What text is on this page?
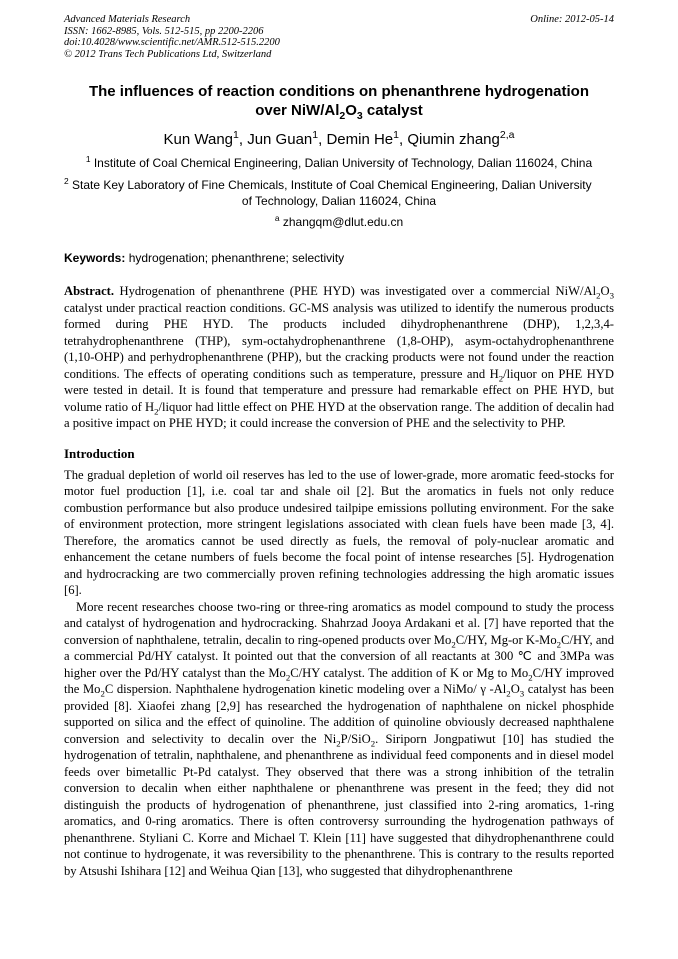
Advanced Materials Research
ISSN: 1662-8985, Vols. 512-515, pp 2200-2206
doi:10.4028/www.scientific.net/AMR.512-515.2200
© 2012 Trans Tech Publications Ltd, Switzerland
Online: 2012-05-14
The influences of reaction conditions on phenanthrene hydrogenation
over NiW/$Al_2O_3$ catalyst
Kun Wang$^1$, Jun Guan$^1$, Demin He$^1$, Qiumin zhang$^{2,a}$
$^1$ Institute of Coal Chemical Engineering, Dalian University of Technology, Dalian 116024, China
$^2$ State Key Laboratory of Fine Chemicals, Institute of Coal Chemical Engineering, Dalian University
of Technology, Dalian 116024, China
$^a$ zhangqm@dlut.edu.cn
Keywords: hydrogenation; phenanthrene; selectivity
Abstract. Hydrogenation of phenanthrene (PHE HYD) was investigated over a commercial NiW/$Al_2O_3$ catalyst under practical reaction conditions. GC-MS analysis was utilized to identify the numerous products formed during PHE HYD. The products included dihydrophenanthrene (DHP), 1,2,3,4-tetrahydrophenanthrene (THP), sym-octahydrophenanthrene (1,8-OHP), asym-octahydrophenanthrene (1,10-OHP) and perhydrophenanthrene (PHP), but the cracking products were not found under the reaction conditions. The effects of operating conditions such as temperature, pressure and $H_2$/liquor on PHE HYD were tested in detail. It is found that temperature and pressure had remarkable effect on PHE HYD, but volume ratio of $H_2$/liquor had little effect on PHE HYD at the observation range. The addition of decalin had a positive impact on PHE HYD; it could increase the conversion of PHE and the selectivity to PHP.
Introduction

The gradual depletion of world oil reserves has led to the use of lower-grade, more aromatic feed-stocks for motor fuel production [1], i.e. coal tar and shale oil [2]. But the aromatics in fuels not only reduce combustion performance but also produce undesired tailpipe emissions polluting environment. For the sake of environment protection, more stringent legislations associated with clean fuels have been made [3, 4]. Therefore, the aromatics cannot be used directly as fuels, the removal of poly-nuclear aromatic and enhancement the cetane numbers of fuels become the focal point of intense researches [5]. Hydrogenation and hydrocracking are two commercially proven refining technologies addressing the high aromatic issues [6].

More recent researches choose two-ring or three-ring aromatics as model compound to study the process and catalyst of hydrogenation and hydrocracking. Shahrzad Jooya Ardakani et al. [7] have reported that the conversion of naphthalene, tetralin, decalin to ring-opened products over $Mo_2C/HY$, Mg-or $K-Mo_2C/HY$, and a commercial Pd/HY catalyst. It pointed out that the conversion of all reactants at 300 ℃ and 3MPa was higher over the Pd/HY catalyst than the $Mo_2C/HY$ catalyst. The addition of K or Mg to $Mo_2C/HY$ improved the $Mo_2C$ dispersion. Naphthalene hydrogenation kinetic modeling over a NiMo/ γ $-Al_2O_3$ catalyst has been provided [8]. Xiaofei zhang [2,9] has researched the hydrogenation of naphthalene on nickel phosphide supported on silica and the effect of quinoline. The addition of quinoline obviously decreased naphthalene conversion and selectivity to decalin over the $Ni_2P/SiO_2$. Siriporn Jongpatiwut [10] has studied the hydrogenation of tetralin, naphthalene, and phenanthrene as individual feed components and in diesel model feeds over bimetallic Pt-Pd catalyst. They observed that there was a strong inhibition of the tetralin conversion to decalin when either naphthalene or phenanthrene was present in the feed; they did not distinguish the products of hydrogenation of phenanthrene, just classified into 2-ring aromatics, 1-ring aromatics, and 0-ring aromatics. There is often controversy surrounding the hydrogenation pathways of phenanthrene. Styliani C. Korre and Michael T. Klein [11] have suggested that dihydrophenanthrene could not continue to hydrogenate, it was reversibility to the phenanthrene. This is contrary to the results reported by Atsushi Ishihara [12] and Weihua Qian [13], who suggested that dihydrophenanthrene
